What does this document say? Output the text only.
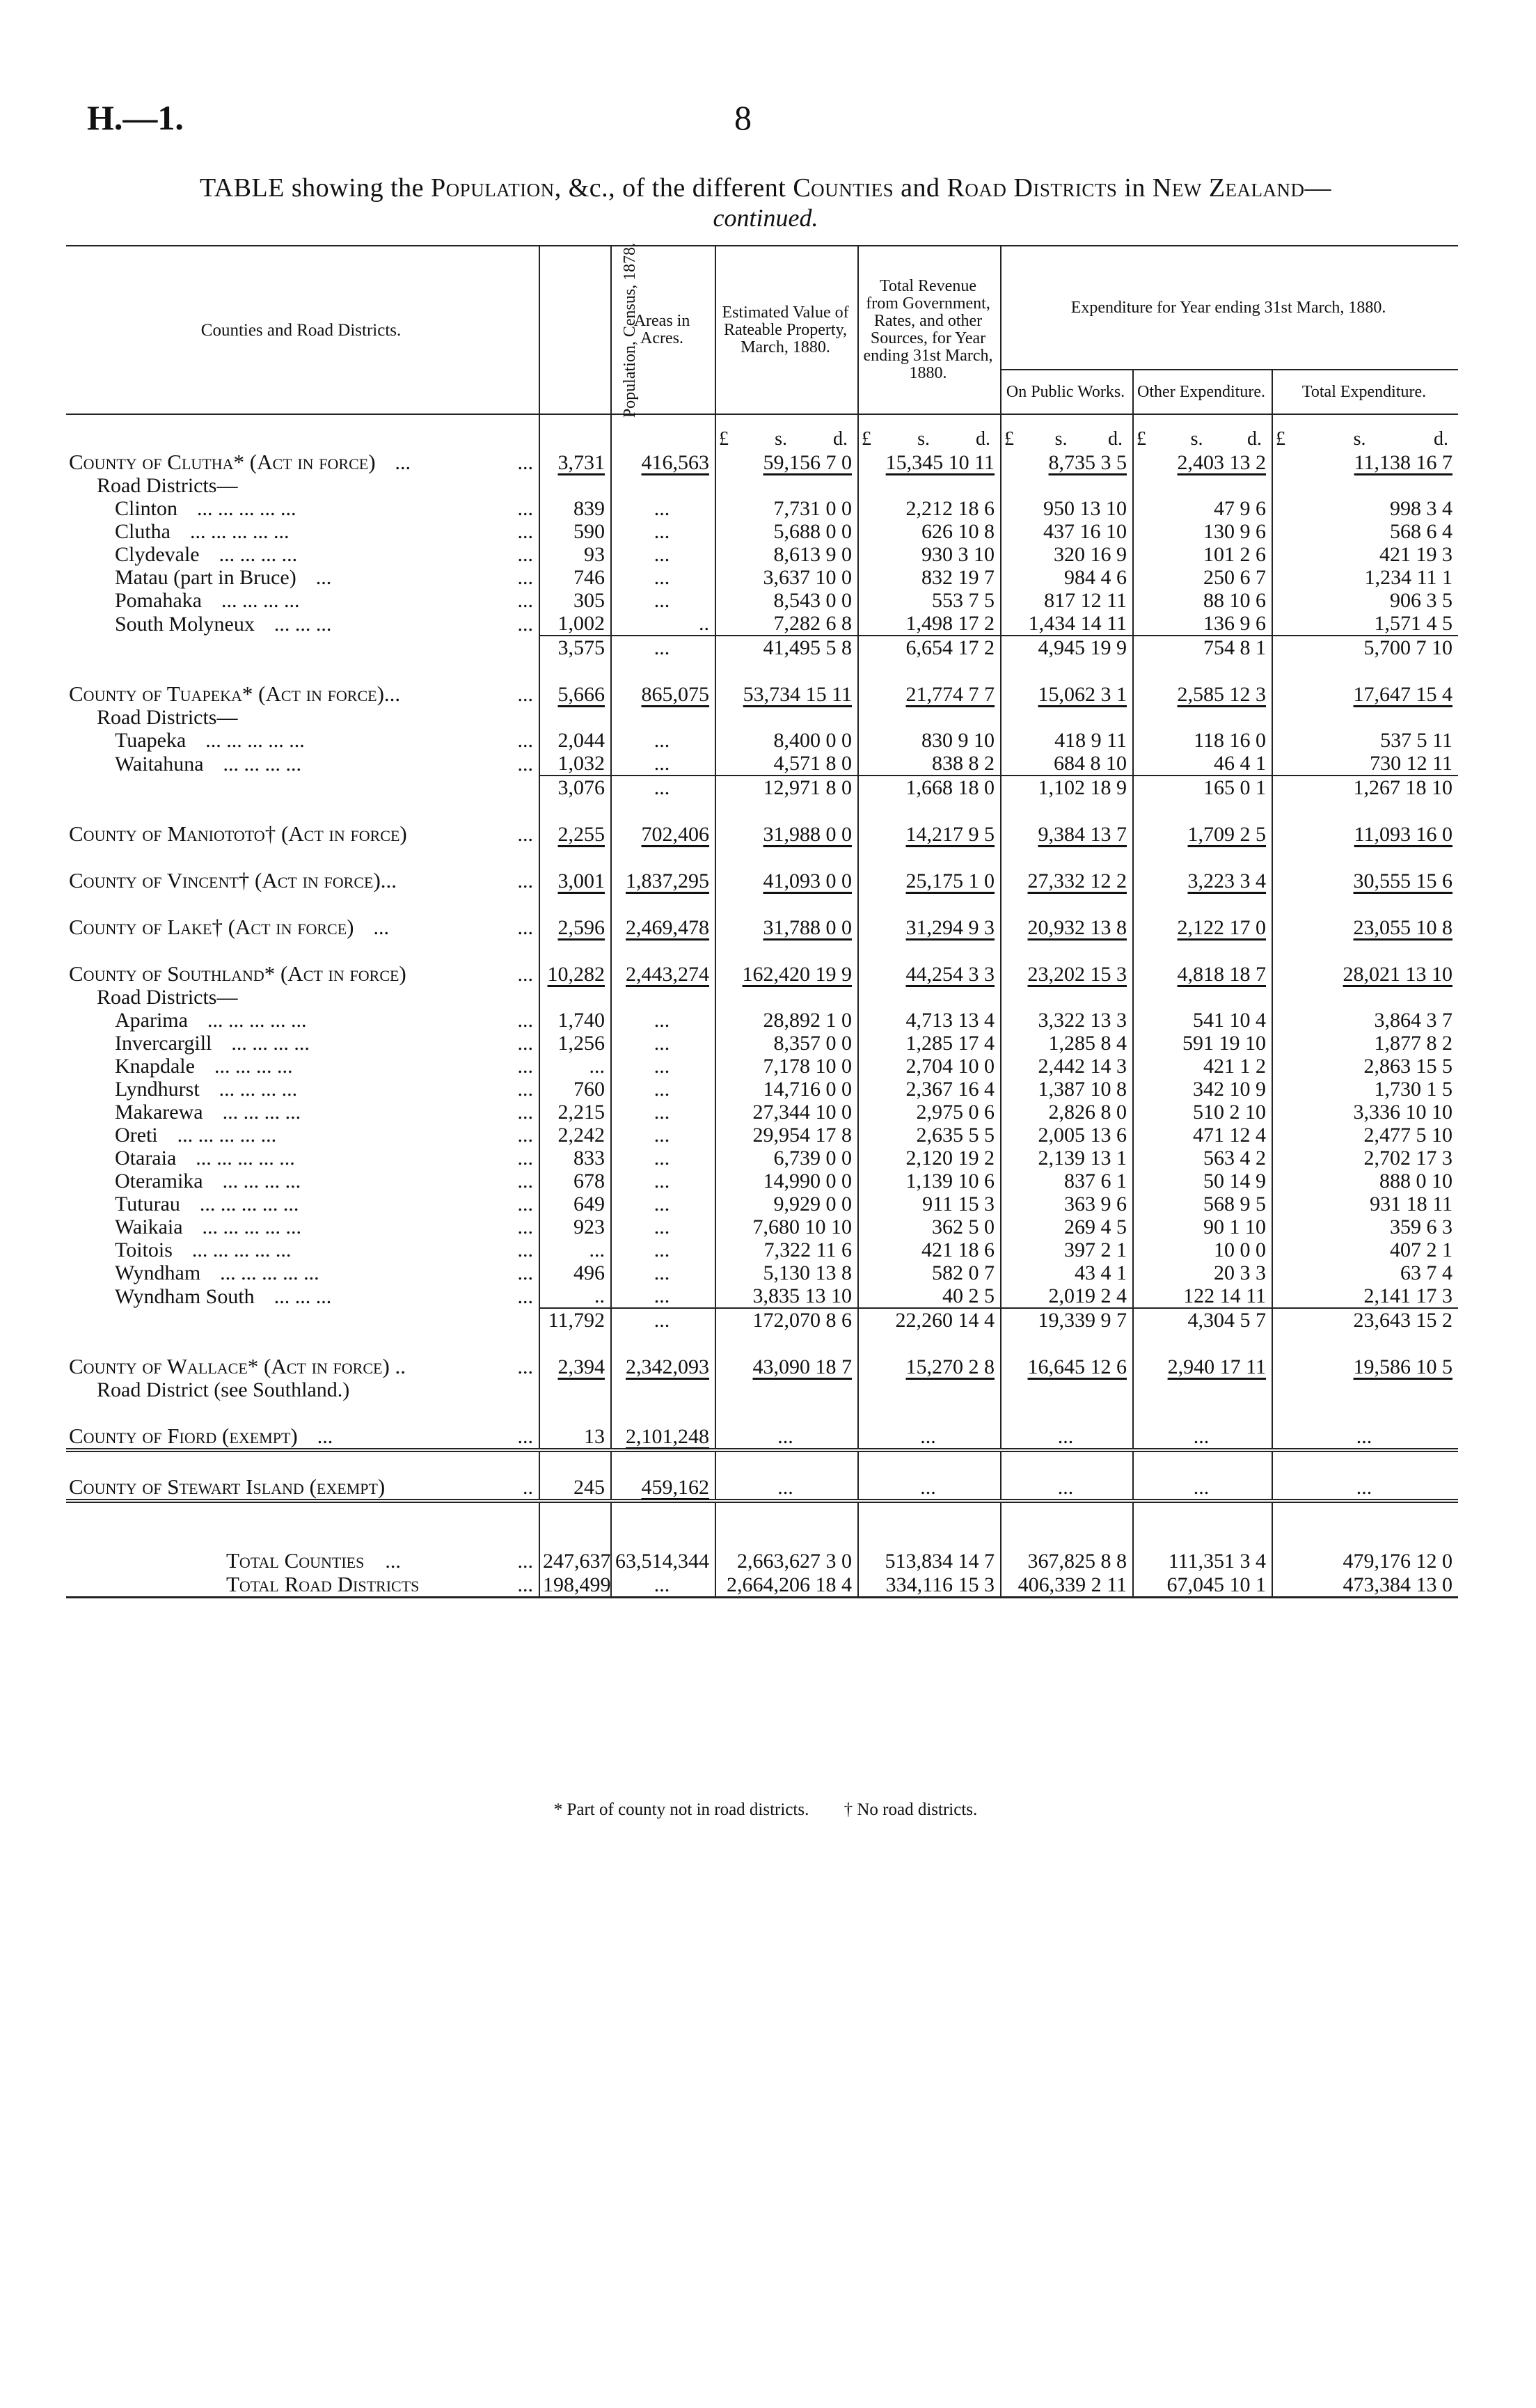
H.—1.	8
TABLE showing the Population, &c., of the different Counties and Road Districts in New Zealand—
continued.
Counties and Road Districts.		Population, Census, 1878.	Areas in Acres.	Estimated Value of Rateable Property, March, 1880.	Total Revenue from Government, Rates, and other Sources, for Year ending 31st March, 1880.	Expenditure for Year ending 31st March, 1880.		
						On Public Works.	Other Expenditure.	Total Expenditure.

				£ s. d.	£ s. d.	£ s. d.	£ s. d.	£ s. d.

County of Clutha* (Act in force) ...	...	3,731	416,563	59,156 7 0	15,345 10 11	8,735 3 5	2,403 13 2	11,138 16 7
Road Districts—								
Clinton ... ... ... ... ...	...	839	...	7,731 0 0	2,212 18 6	950 13 10	47 9 6	998 3 4
Clutha ... ... ... ... ...	...	590	...	5,688 0 0	626 10 8	437 16 10	130 9 6	568 6 4
Clydevale ... ... ... ...	...	93	...	8,613 9 0	930 3 10	320 16 9	101 2 6	421 19 3
Matau (part in Bruce) ...	...	746	...	3,637 10 0	832 19 7	984 4 6	250 6 7	1,234 11 1
Pomahaka ... ... ... ...	...	305	...	8,543 0 0	553 7 5	817 12 11	88 10 6	906 3 5
South Molyneux ... ... ...	...	1,002	..	7,282 6 8	1,498 17 2	1,434 14 11	136 9 6	1,571 4 5
		3,575	...	41,495 5 8	6,654 17 2	4,945 19 9	754 8 1	5,700 7 10

County of Tuapeka* (Act in force)...	...	5,666	865,075	53,734 15 11	21,774 7 7	15,062 3 1	2,585 12 3	17,647 15 4
Road Districts—								
Tuapeka ... ... ... ... ...	...	2,044	...	8,400 0 0	830 9 10	418 9 11	118 16 0	537 5 11
Waitahuna ... ... ... ...	...	1,032	...	4,571 8 0	838 8 2	684 8 10	46 4 1	730 12 11
		3,076	...	12,971 8 0	1,668 18 0	1,102 18 9	165 0 1	1,267 18 10

County of Maniototo† (Act in force)	...	2,255	702,406	31,988 0 0	14,217 9 5	9,384 13 7	1,709 2 5	11,093 16 0

County of Vincent† (Act in force)...	...	3,001	1,837,295	41,093 0 0	25,175 1 0	27,332 12 2	3,223 3 4	30,555 15 6

County of Lake† (Act in force) ...	...	2,596	2,469,478	31,788 0 0	31,294 9 3	20,932 13 8	2,122 17 0	23,055 10 8

County of Southland* (Act in force)	...	10,282	2,443,274	162,420 19 9	44,254 3 3	23,202 15 3	4,818 18 7	28,021 13 10
Road Districts—								
Aparima ... ... ... ... ...	...	1,740	...	28,892 1 0	4,713 13 4	3,322 13 3	541 10 4	3,864 3 7
Invercargill ... ... ... ...	...	1,256	...	8,357 0 0	1,285 17 4	1,285 8 4	591 19 10	1,877 8 2
Knapdale ... ... ... ...	...	...	...	7,178 10 0	2,704 10 0	2,442 14 3	421 1 2	2,863 15 5
Lyndhurst ... ... ... ...	...	760	...	14,716 0 0	2,367 16 4	1,387 10 8	342 10 9	1,730 1 5
Makarewa ... ... ... ...	...	2,215	...	27,344 10 0	2,975 0 6	2,826 8 0	510 2 10	3,336 10 10
Oreti ... ... ... ... ...	...	2,242	...	29,954 17 8	2,635 5 5	2,005 13 6	471 12 4	2,477 5 10
Otaraia ... ... ... ... ...	...	833	...	6,739 0 0	2,120 19 2	2,139 13 1	563 4 2	2,702 17 3
Oteramika ... ... ... ...	...	678	...	14,990 0 0	1,139 10 6	837 6 1	50 14 9	888 0 10
Tuturau ... ... ... ... ...	...	649	...	9,929 0 0	911 15 3	363 9 6	568 9 5	931 18 11
Waikaia ... ... ... ... ...	...	923	...	7,680 10 10	362 5 0	269 4 5	90 1 10	359 6 3
Toitois ... ... ... ... ...	...	...	...	7,322 11 6	421 18 6	397 2 1	10 0 0	407 2 1
Wyndham ... ... ... ... ...	...	496	...	5,130 13 8	582 0 7	43 4 1	20 3 3	63 7 4
Wyndham South ... ... ...	...	..	...	3,835 13 10	40 2 5	2,019 2 4	122 14 11	2,141 17 3
		11,792	...	172,070 8 6	22,260 14 4	19,339 9 7	4,304 5 7	23,643 15 2

County of Wallace* (Act in force) ..	...	2,394	2,342,093	43,090 18 7	15,270 2 8	16,645 12 6	2,940 17 11	19,586 10 5
Road District (see Southland.)								

County of Fiord (exempt) ...	...	13	2,101,248	...	...	...	...	...

County of Stewart Island (exempt)	..	245	459,162	...	...	...	...	...

Total Counties ...	...	247,637	63,514,344	2,663,627 3 0	513,834 14 7	367,825 8 8	111,351 3 4	479,176 12 0
Total Road Districts	...	198,499	...	2,664,206 18 4	334,116 15 3	406,339 2 11	67,045 10 1	473,384 13 0
* Part of county not in road districts. † No road districts.
